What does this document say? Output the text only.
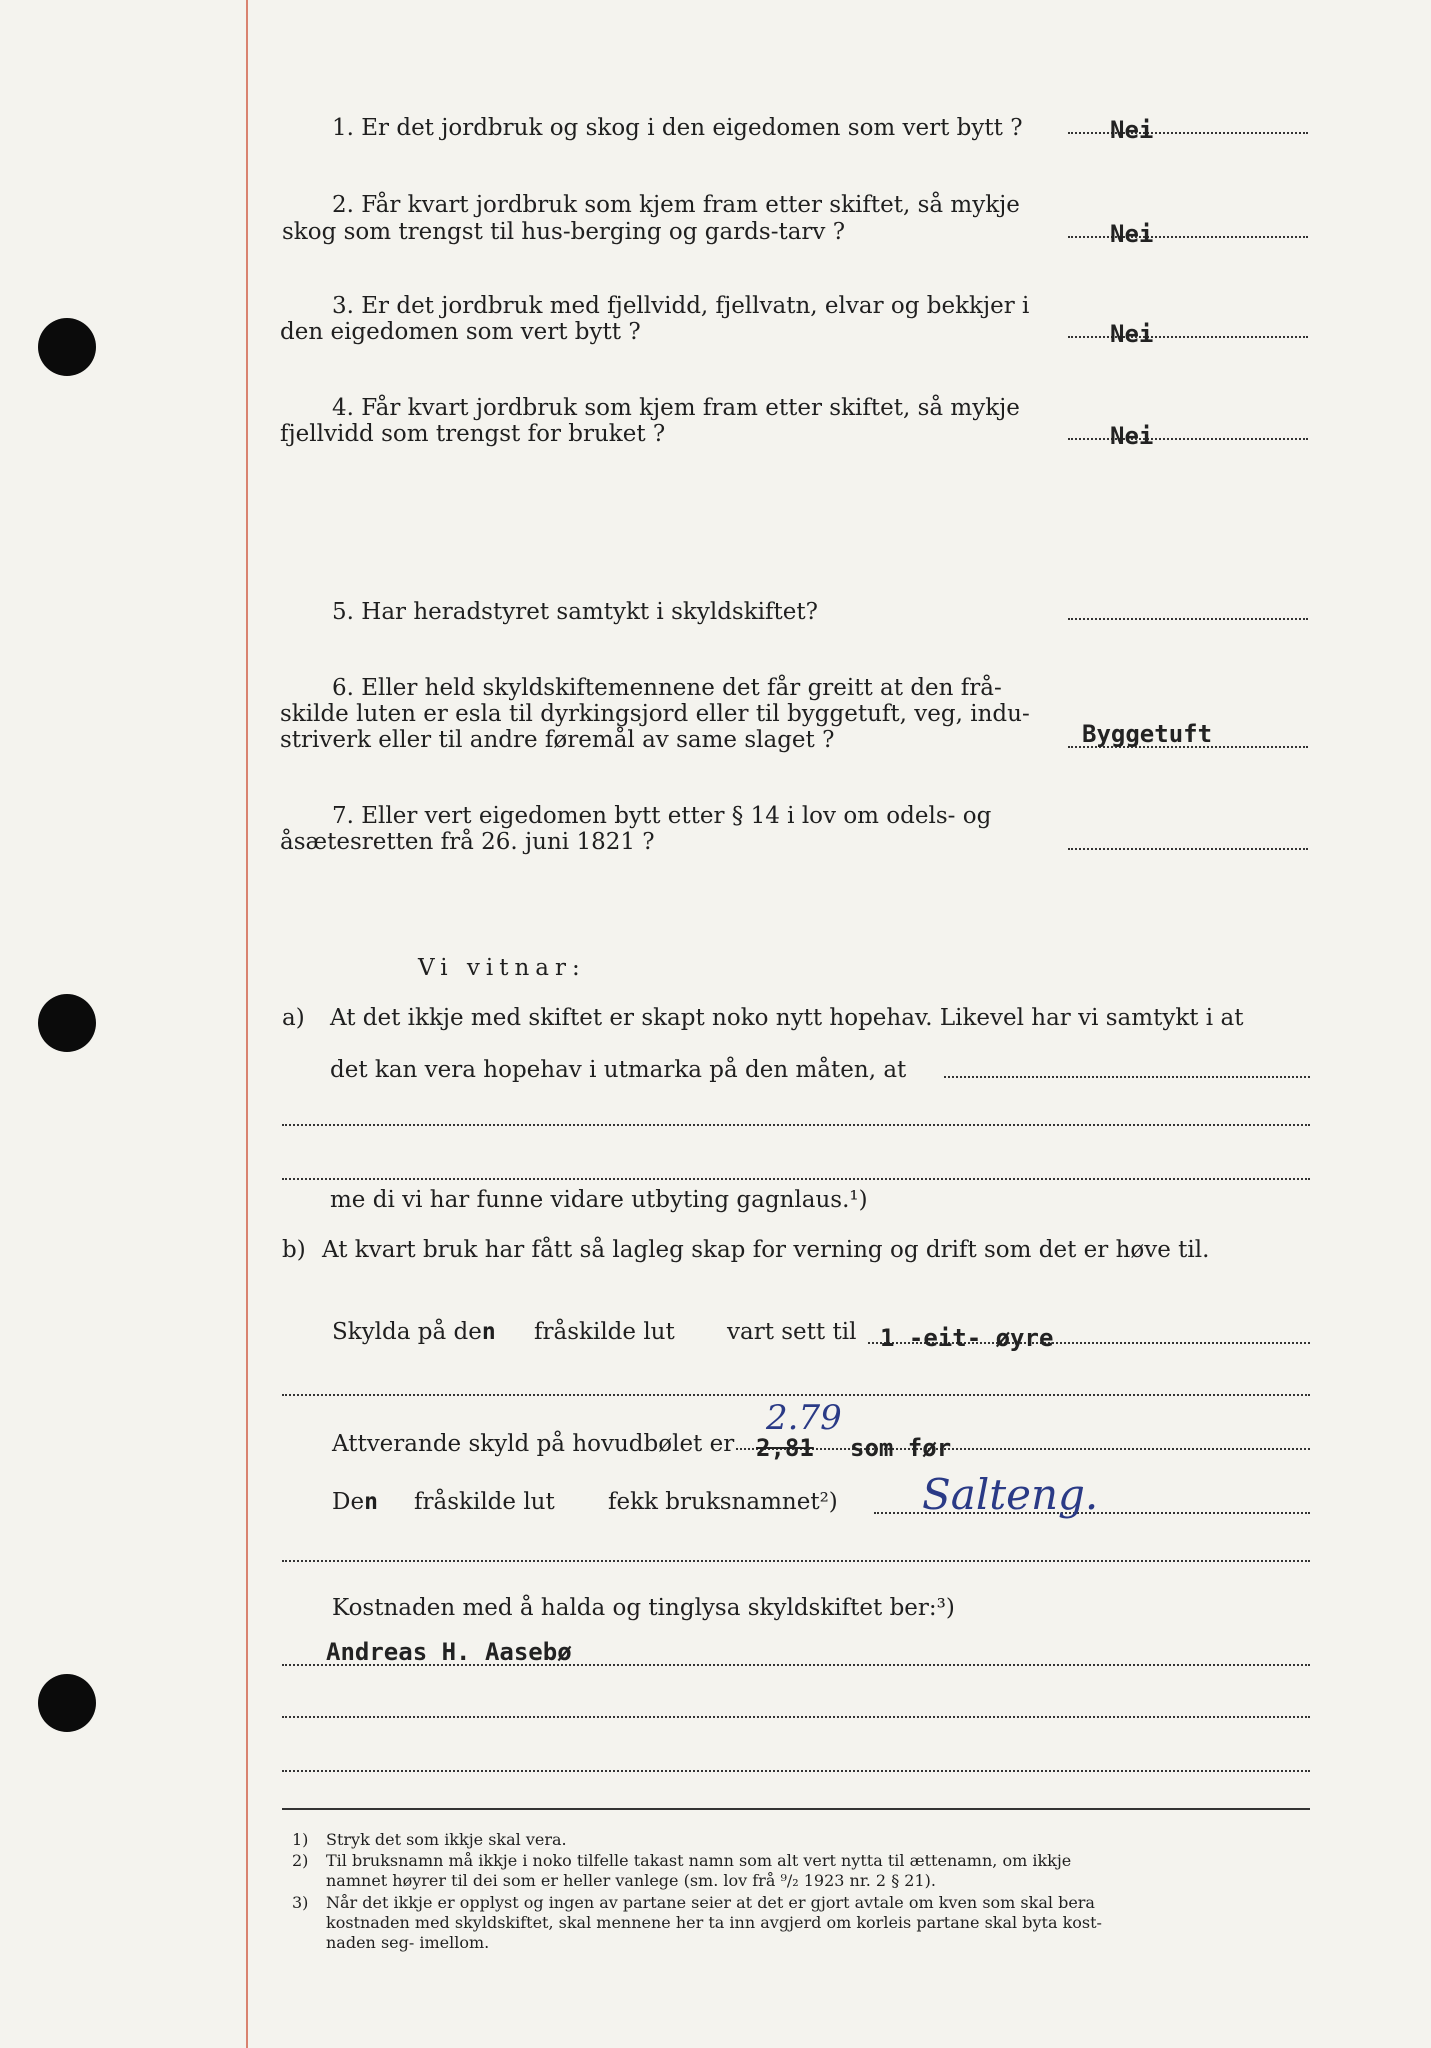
1. Er det jordbruk og skog i den eigedomen som vert bytt ?	Nei
2. Får kvart jordbruk som kjem fram etter skiftet, så mykje
skog som trengst til hus-berging og gards-tarv ?	Nei
3. Er det jordbruk med fjellvidd, fjellvatn, elvar og bekkjer i
den eigedomen som vert bytt ?	Nei
4. Får kvart jordbruk som kjem fram etter skiftet, så mykje
fjellvidd som trengst for bruket ?	Nei
5. Har heradstyret samtykt i skyldskiftet?
6. Eller held skyldskiftemennene det får greitt at den frå-
skilde luten er esla til dyrkingsjord eller til byggetuft, veg, indu-
striverk eller til andre føremål av same slaget ?	Byggetuft
7. Eller vert eigedomen bytt etter § 14 i lov om odels- og
åsætesretten frå 26. juni 1821 ?
Vi vitnar:
a) At det ikkje med skiftet er skapt noko nytt hopehav. Likevel har vi samtykt i at
det kan vera hopehav i utmarka på den måten, at
me di vi har funne vidare utbyting gagnlaus.¹)
b) At kvart bruk har fått så lagleg skap for verning og drift som det er høve til.
Skylda på den fråskilde lut vart sett til 1 -eit- øyre
Attverande skyld på hovudbølet er
2.79
2,81 som før
Den fråskilde lut fekk bruksnamnet²) Salteng.
Kostnaden med å halda og tinglysa skyldskiftet ber:³)
Andreas H. Aasebø
1) Stryk det som ikkje skal vera.
2) Til bruksnamn må ikkje i noko tilfelle takast namn som alt vert nytta til ættenamn, om ikkje
namnet høyrer til dei som er heller vanlege (sm. lov frå ⁹/₂ 1923 nr. 2 § 21).
3) Når det ikkje er opplyst og ingen av partane seier at det er gjort avtale om kven som skal bera
kostnaden med skyldskiftet, skal mennene her ta inn avgjerd om korleis partane skal byta kost-
naden seg- imellom.
